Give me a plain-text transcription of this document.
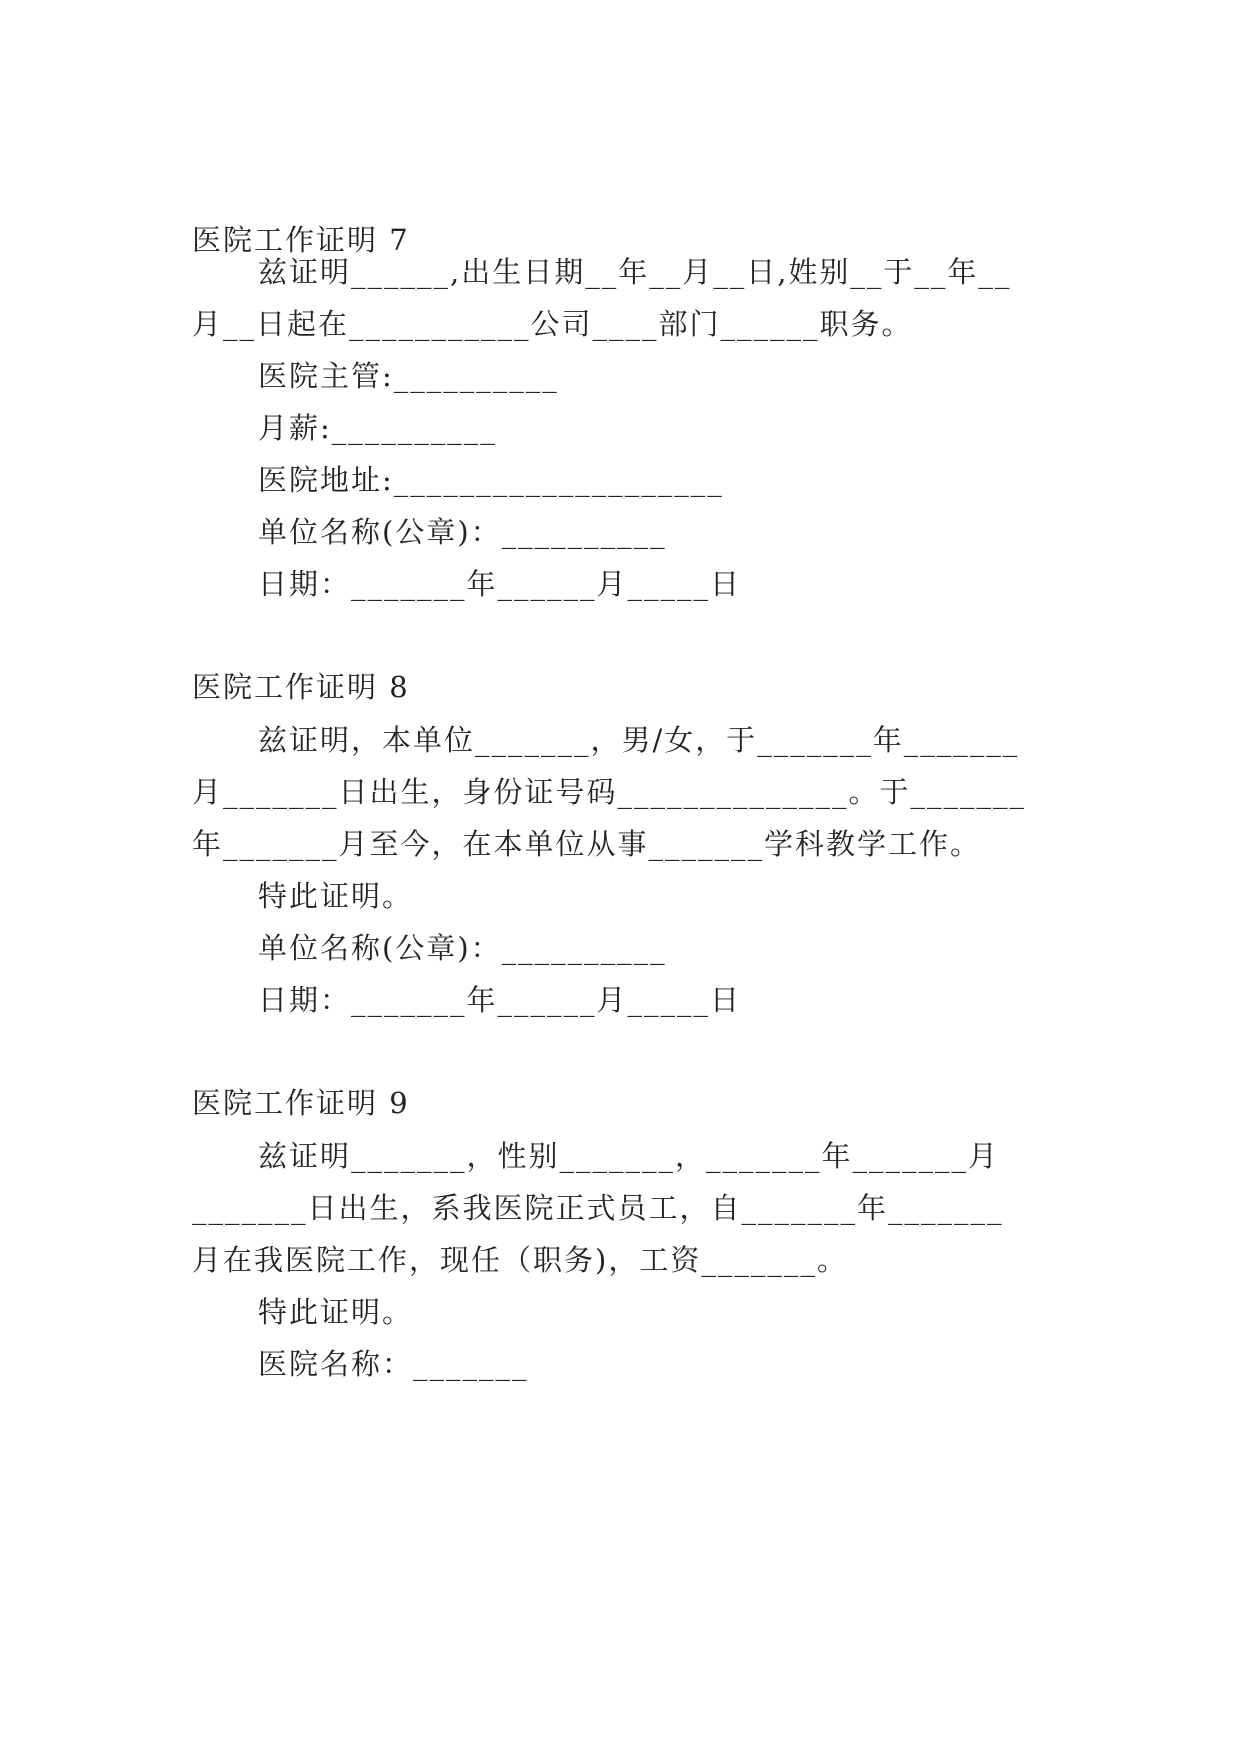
医院工作证明 7
兹证明______,出生日期__年__月__日,姓别__于__年__
月__日起在___________公司____部门______职务。
医院主管:__________
月薪:__________
医院地址:____________________
单位名称(公章)：__________
日期：_______年______月_____日
医院工作证明 8
兹证明，本单位_______，男/女，于_______年_______
月_______日出生，身份证号码______________。于_______
年_______月至今，在本单位从事_______学科教学工作。
特此证明。
单位名称(公章)：__________
日期：_______年______月_____日
医院工作证明 9
兹证明_______，性别_______，_______年_______月
_______日出生，系我医院正式员工，自_______年_______
月在我医院工作，现任（职务)，工资_______。
特此证明。
医院名称：_______
